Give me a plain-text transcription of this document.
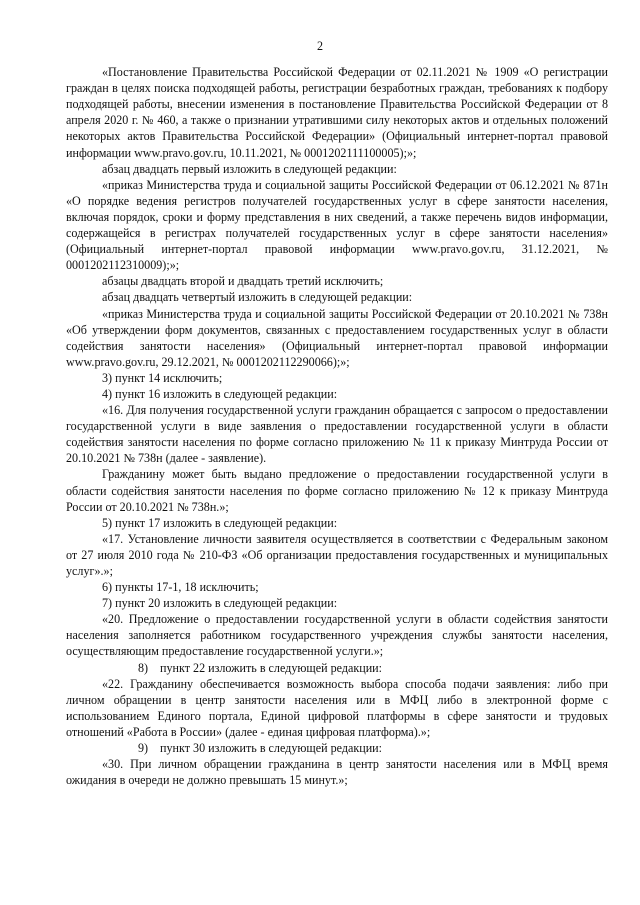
2

«Постановление Правительства Российской Федерации от 02.11.2021 № 1909 «О регистрации граждан в целях поиска подходящей работы, регистрации безработных граждан, требованиях к подбору подходящей работы, внесении изменения в постановление Правительства Российской Федерации от 8 апреля 2020 г. № 460, а также о признании утратившими силу некоторых актов и отдельных положений некоторых актов Правительства Российской Федерации» (Официальный интернет-портал правовой информации www.pravo.gov.ru, 10.11.2021, № 0001202111100005);»;

абзац двадцать первый изложить в следующей редакции:

«приказ Министерства труда и социальной защиты Российской Федерации от 06.12.2021 № 871н «О порядке ведения регистров получателей государственных услуг в сфере занятости населения, включая порядок, сроки и форму представления в них сведений, а также перечень видов информации, содержащейся в регистрах получателей государственных услуг в сфере занятости населения» (Официальный интернет-портал правовой информации www.pravo.gov.ru, 31.12.2021, № 0001202112310009);»;

абзацы двадцать второй и двадцать третий исключить;

абзац двадцать четвертый изложить в следующей редакции:

«приказ Министерства труда и социальной защиты Российской Федерации от 20.10.2021 № 738н «Об утверждении форм документов, связанных с предоставлением государственных услуг в области содействия занятости населения» (Официальный интернет-портал правовой информации www.pravo.gov.ru, 29.12.2021, № 0001202112290066);»;

3) пункт 14 исключить;

4) пункт 16 изложить в следующей редакции:

«16. Для получения государственной услуги гражданин обращается с запросом о предоставлении государственной услуги в виде заявления о предоставлении государственной услуги в области содействия занятости населения по форме согласно приложению № 11 к приказу Минтруда России от 20.10.2021 № 738н (далее - заявление).

Гражданину может быть выдано предложение о предоставлении государственной услуги в области содействия занятости населения по форме согласно приложению № 12 к приказу Минтруда России от 20.10.2021 № 738н.»;

5) пункт 17 изложить в следующей редакции:

«17. Установление личности заявителя осуществляется в соответствии с Федеральным законом от 27 июля 2010 года № 210-ФЗ «Об организации предоставления государственных и муниципальных услуг».»;

6) пункты 17-1, 18 исключить;

7) пункт 20 изложить в следующей редакции:

«20. Предложение о предоставлении государственной услуги в области содействия занятости населения заполняется работником государственного учреждения службы занятости населения, осуществляющим предоставление государственной услуги.»;

8) пункт 22 изложить в следующей редакции:

«22. Гражданину обеспечивается возможность выбора способа подачи заявления: либо при личном обращении в центр занятости населения или в МФЦ либо в электронной форме с использованием Единого портала, Единой цифровой платформы в сфере занятости и трудовых отношений «Работа в России» (далее - единая цифровая платформа).»;

9) пункт 30 изложить в следующей редакции:

«30. При личном обращении гражданина в центр занятости населения или в МФЦ время ожидания в очереди не должно превышать 15 минут.»;
